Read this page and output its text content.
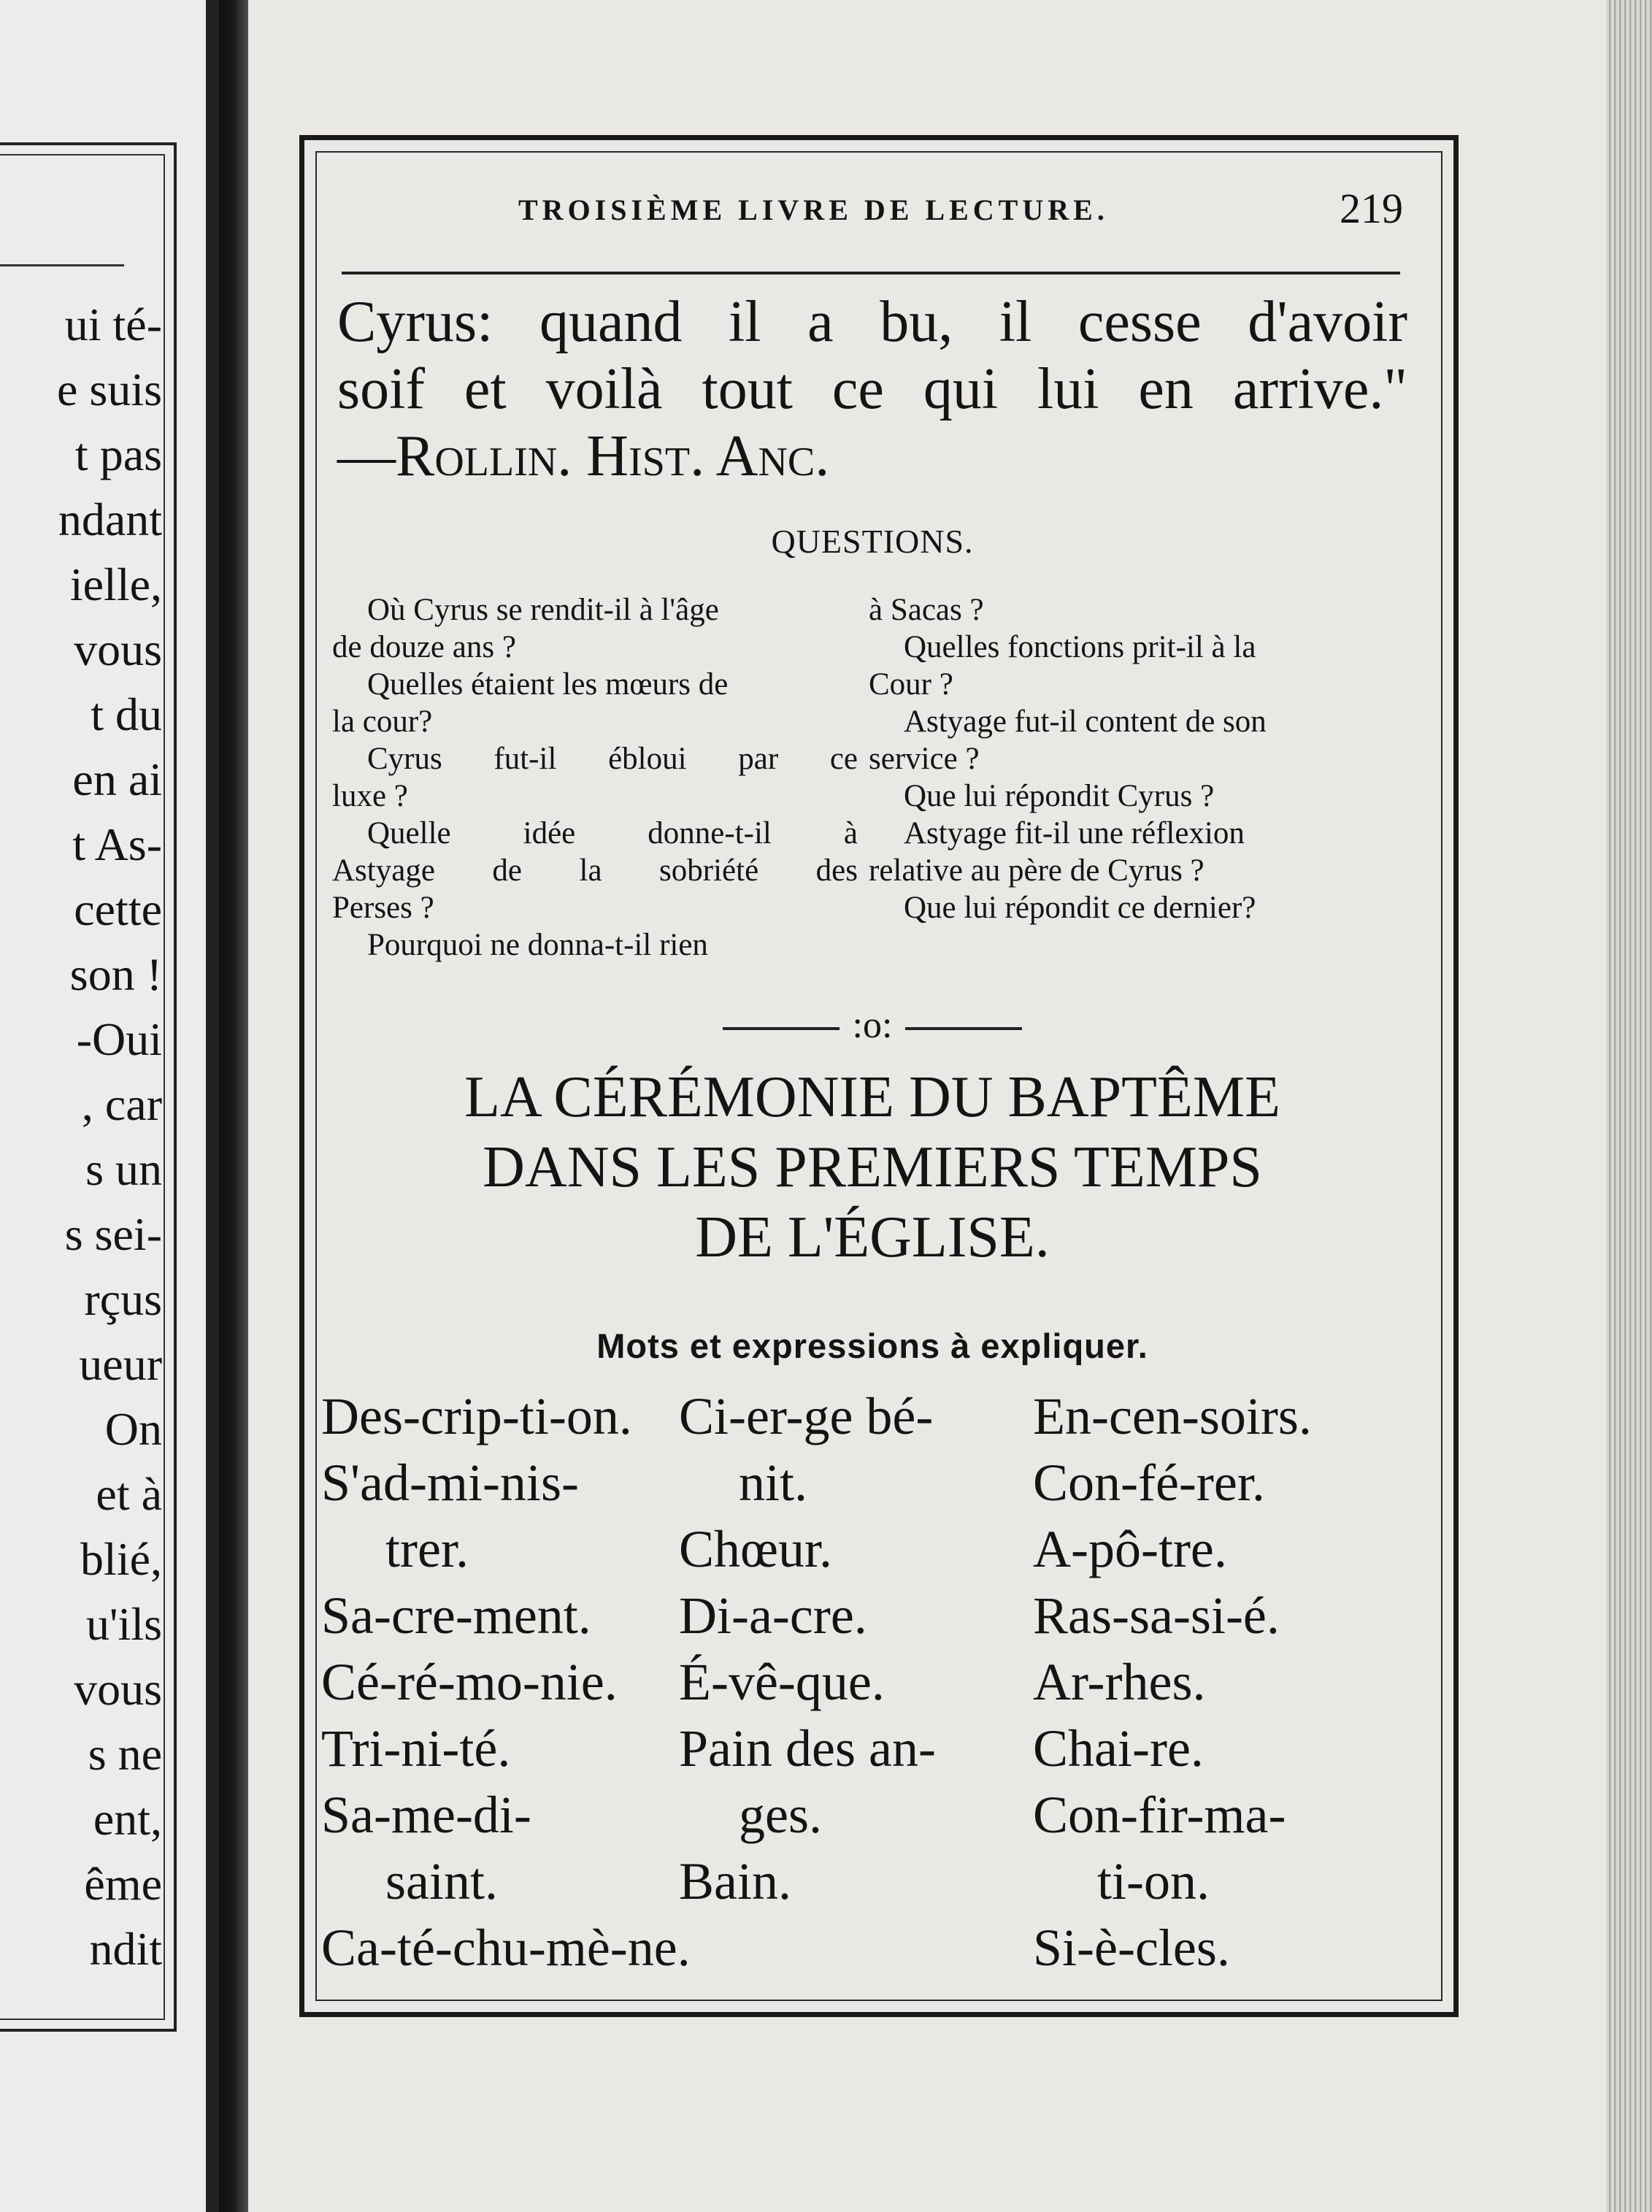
ui té-
e suis
t pas
ndant
ielle,
vous
t du
en ai
t As-
cette
son !
-Oui
, car
s un
s sei-
rçus
ueur
On
et à
blié,
u'ils
vous
s ne
ent,
ême
ndit
TROISIÈME LIVRE DE LECTURE.	219
Cyrus: quand il a bu, il cesse d'avoir
soif et voilà tout ce qui lui en arrive."
—Rollin. Hist. Anc.
QUESTIONS.
Où Cyrus se rendit-il à l'âge
de douze ans ?
Quelles étaient les mœurs de
la cour?
Cyrus fut-il ébloui par ce
luxe ?
Quelle idée donne-t-il à
Astyage de la sobriété des
Perses ?
Pourquoi ne donna-t-il rien
à Sacas ?
Quelles fonctions prit-il à la
Cour ?
Astyage fut-il content de son
service ?
Que lui répondit Cyrus ?
Astyage fit-il une réflexion
relative au père de Cyrus ?
Que lui répondit ce dernier?
:o:
LA CÉRÉMONIE DU BAPTÊME
DANS LES PREMIERS TEMPS
DE L'ÉGLISE.
Mots et expressions à expliquer.
Des-crip-ti-on.
S'ad-mi-nis-
trer.
Sa-cre-ment.
Cé-ré-mo-nie.
Tri-ni-té.
Sa-me-di-
saint.
Ca-té-chu-mè-ne.
Ci-er-ge bé-
nit.
Chœur.
Di-a-cre.
É-vê-que.
Pain des an-
ges.
Bain.
En-cen-soirs.
Con-fé-rer.
A-pô-tre.
Ras-sa-si-é.
Ar-rhes.
Chai-re.
Con-fir-ma-
ti-on.
Si-è-cles.
